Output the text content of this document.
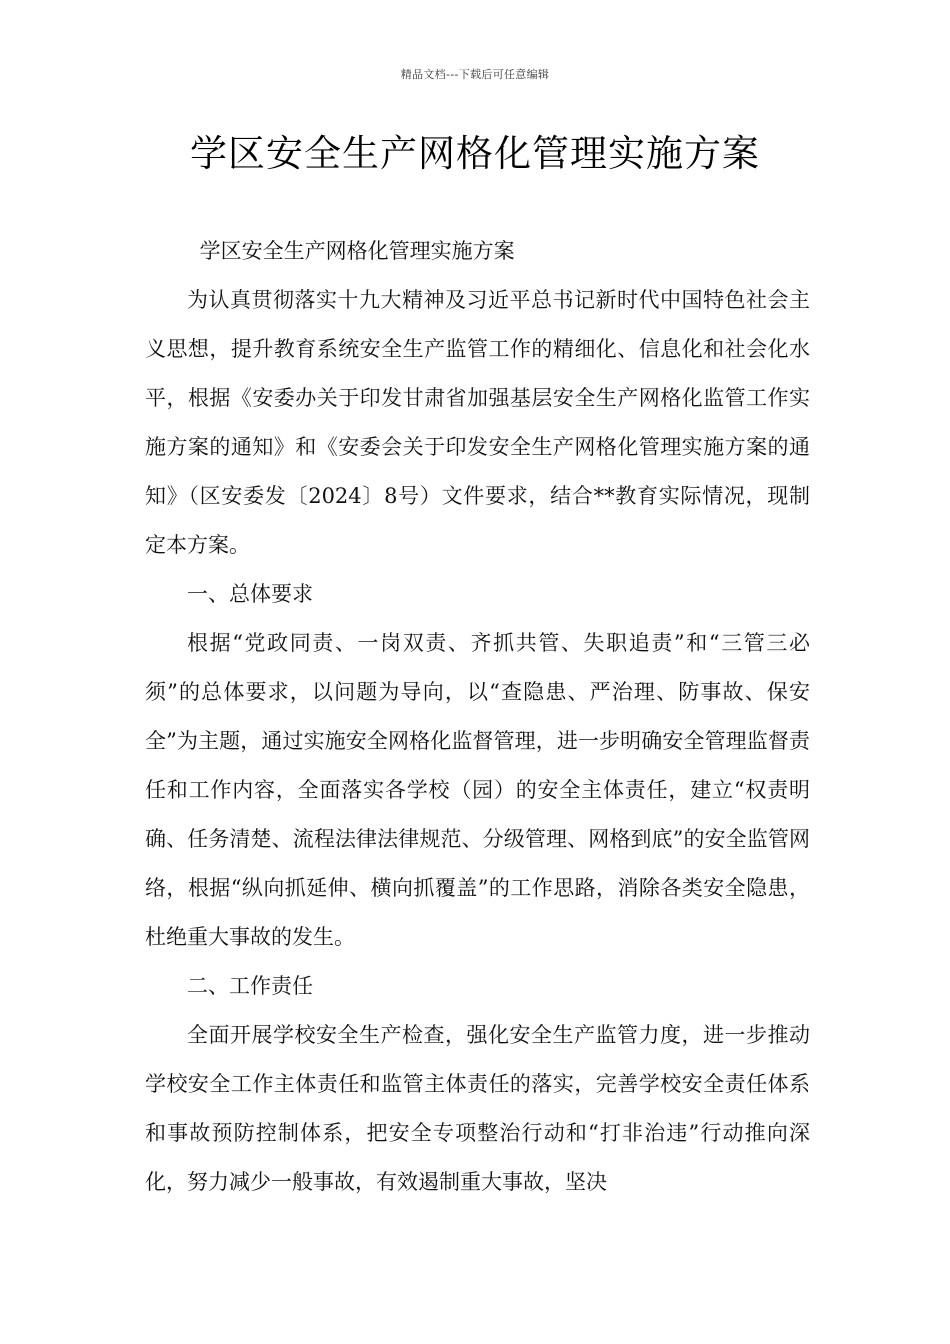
精品文档---下载后可任意编辑
学区安全生产网格化管理实施方案

学区安全生产网格化管理实施方案

为认真贯彻落实十九大精神及习近平总书记新时代中国特色社会主义思想，提升教育系统安全生产监管工作的精细化、信息化和社会化水平，根据《安委办关于印发甘肃省加强基层安全生产网格化监管工作实施方案的通知》和《安委会关于印发安全生产网格化管理实施方案的通知》（区安委发〔2024〕8号）文件要求，结合**教育实际情况，现制定本方案。

一、总体要求

根据“党政同责、一岗双责、齐抓共管、失职追责”和“三管三必须”的总体要求，以问题为导向，以“查隐患、严治理、防事故、保安全”为主题，通过实施安全网格化监督管理，进一步明确安全管理监督责任和工作内容，全面落实各学校（园）的安全主体责任，建立“权责明确、任务清楚、流程法律法律规范、分级管理、网格到底”的安全监管网络，根据“纵向抓延伸、横向抓覆盖”的工作思路，消除各类安全隐患，杜绝重大事故的发生。

二、工作责任

全面开展学校安全生产检查，强化安全生产监管力度，进一步推动学校安全工作主体责任和监管主体责任的落实，完善学校安全责任体系和事故预防控制体系，把安全专项整治行动和“打非治违”行动推向深化，努力减少一般事故，有效遏制重大事故，坚决
